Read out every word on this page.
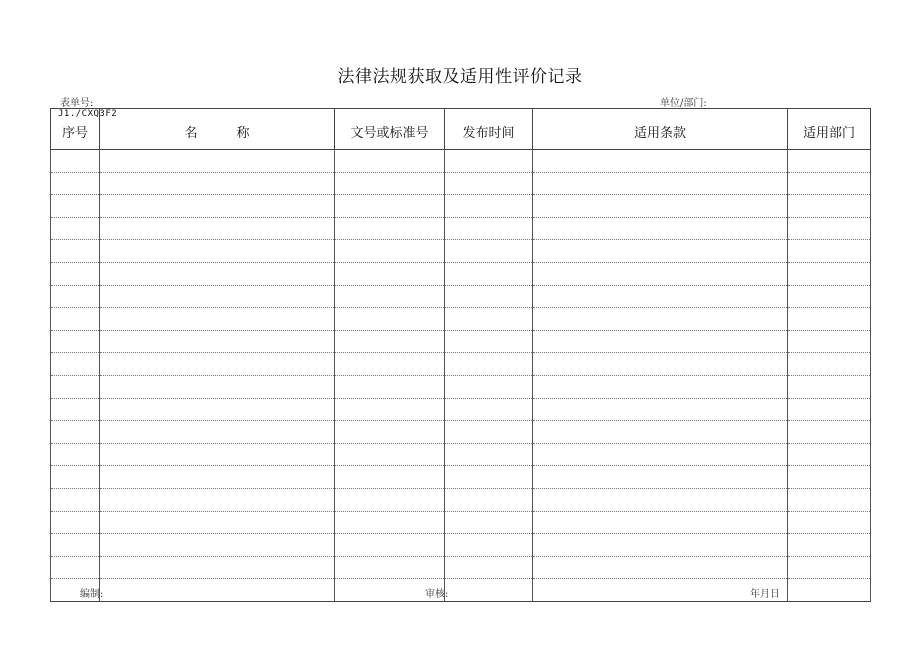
法律法规获取及适用性评价记录
表单号:	单位/部门:
序号	名　　　称	文号或标准号	发布时间	适用条款	适用部门

J1./CXQ3F2
编制:	审核:	年月日
